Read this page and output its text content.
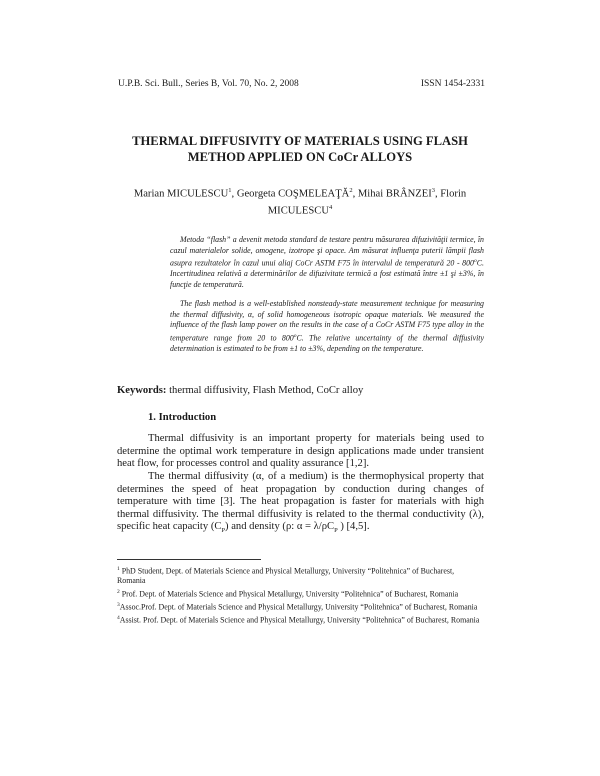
U.P.B. Sci. Bull., Series B, Vol. 70, No. 2, 2008	ISSN 1454-2331
THERMAL DIFFUSIVITY OF MATERIALS USING FLASH
METHOD APPLIED ON CoCr ALLOYS
Marian MICULESCU$^1$, Georgeta COŞMELEAŢĂ$^2$, Mihai BRÂNZEI$^3$, Florin MICULESCU$^4$

Metoda “flash” a devenit metoda standard de testare pentru măsurarea difuzivităţii termice, în cazul materialelor solide, omogene, izotrope şi opace. Am măsurat influenţa puterii lămpii flash asupra rezultatelor în cazul unui aliaj CoCr ASTM F75 în intervalul de temperatură 20 - 800$^o$C. Incertitudinea relativă a determinărilor de difuzivitate termică a fost estimată între ±1 şi ±3%, în funcţie de temperatură.

The flash method is a well-established nonsteady-state measurement technique for measuring the thermal diffusivity, α, of solid homogeneous isotropic opaque materials. We measured the influence of the flash lamp power on the results in the case of a CoCr ASTM F75 type alloy in the temperature range from 20 to 800$^o$C. The relative uncertainty of the thermal diffusivity determination is estimated to be from ±1 to ±3%, depending on the temperature.

Keywords: thermal diffusivity, Flash Method, CoCr alloy
1. Introduction

Thermal diffusivity is an important property for materials being used to determine the optimal work temperature in design applications made under transient heat flow, for processes control and quality assurance [1,2].

The thermal diffusivity (α, of a medium) is the thermophysical property that determines the speed of heat propagation by conduction during changes of temperature with time [3]. The heat propagation is faster for materials with high thermal diffusivity. The thermal diffusivity is related to the thermal conductivity (λ), specific heat capacity $(C_P)$ and density (ρ: $\alpha = \lambda/\rho C_P$ ) [4,5].

$^1$ PhD Student, Dept. of Materials Science and Physical Metallurgy, University “Politehnica” of Bucharest, Romania

$^2$ Prof. Dept. of Materials Science and Physical Metallurgy, University “Politehnica” of Bucharest, Romania

$^3$Assoc.Prof. Dept. of Materials Science and Physical Metallurgy, University “Politehnica” of Bucharest, Romania

$^4$Assist. Prof. Dept. of Materials Science and Physical Metallurgy, University “Politehnica” of Bucharest, Romania
